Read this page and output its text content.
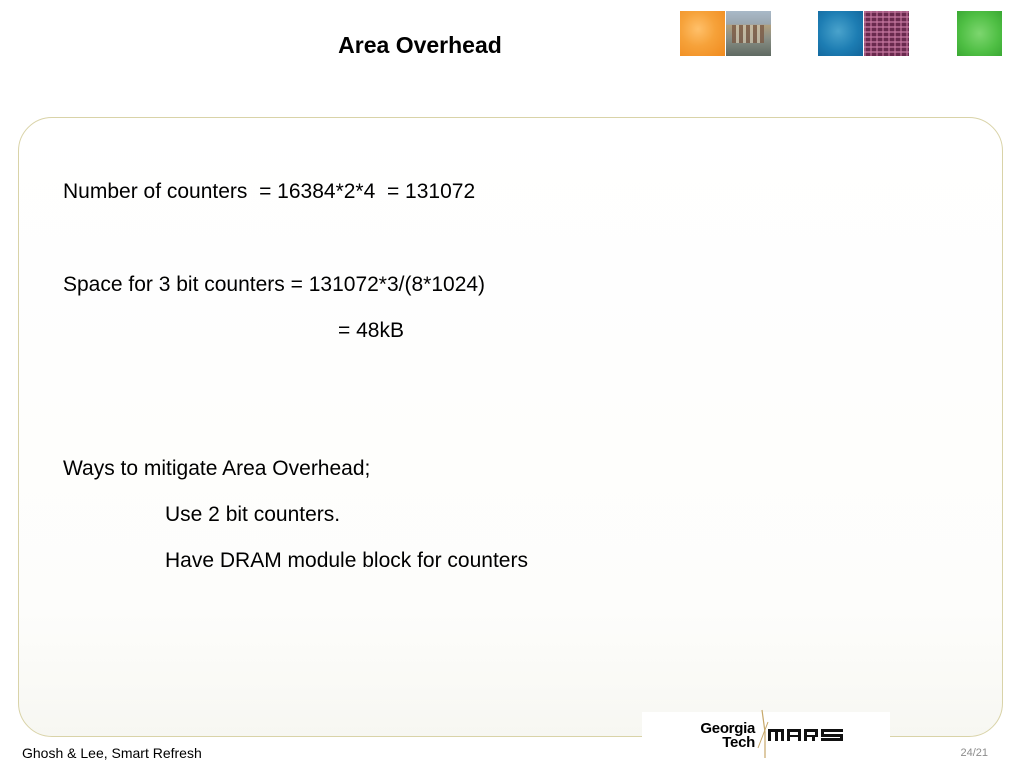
Area Overhead
Number of counters  = 16384*2*4  = 131072
Space for 3 bit counters = 131072*3/(8*1024)
= 48kB
Ways to mitigate Area Overhead;
Use 2 bit counters.
Have DRAM module block for counters
Georgia
Tech
Ghosh & Lee, Smart Refresh	24/21
